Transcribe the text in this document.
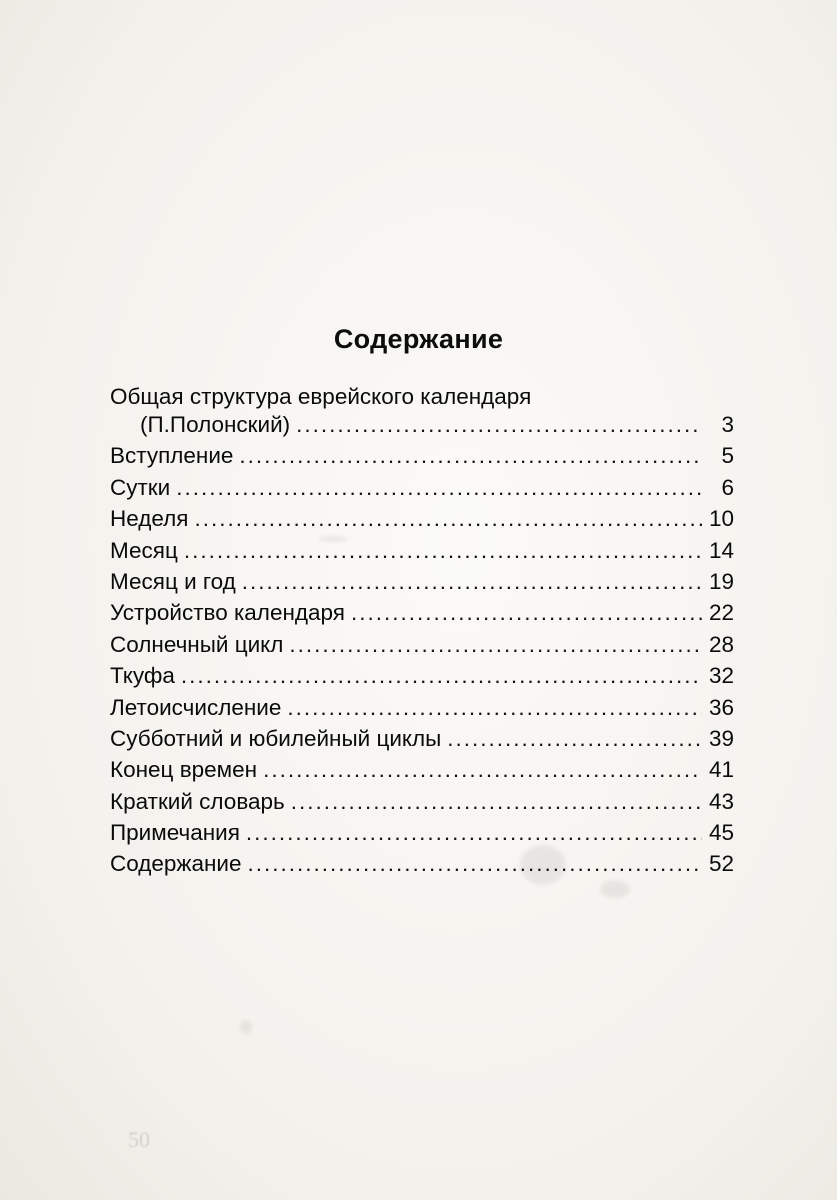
Содержание
Общая структура еврейского календаря
(П.Полонский) .....	3
Вступление .....	5
Сутки .....	6
Неделя .....	10
Месяц .....	14
Месяц и год .....	19
Устройство календаря .....	22
Солнечный цикл .....	28
Ткуфа .....	32
Летоисчисление .....	36
Субботний и юбилейный циклы .....	39
Конец времен .....	41
Краткий словарь .....	43
Примечания .....	45
Содержание .....	52
50
